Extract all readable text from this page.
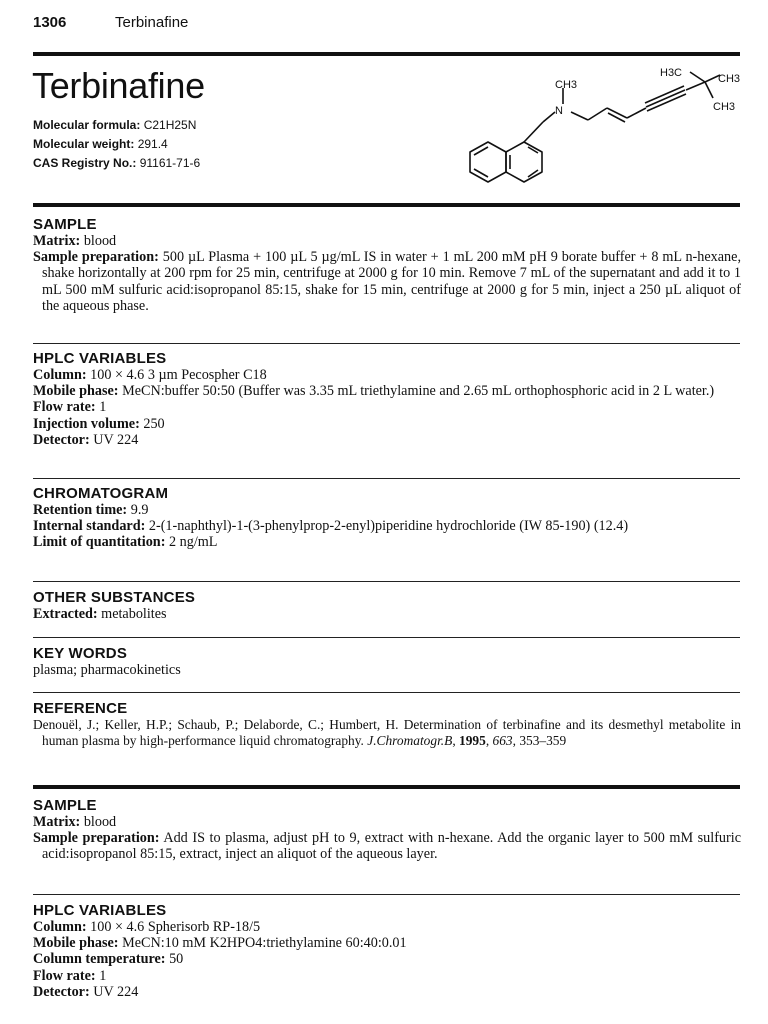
1306	Terbinafine
Terbinafine
Molecular formula: C21H25N
Molecular weight: 291.4
CAS Registry No.: 91161-71-6
N
CH3
H3C	CH3
CH3
SAMPLE

Matrix: blood

Sample preparation: 500 µL Plasma + 100 µL 5 µg/mL IS in water + 1 mL 200 mM pH 9 borate buffer + 8 mL n-hexane, shake horizontally at 200 rpm for 25 min, centrifuge at 2000 g for 10 min. Remove 7 mL of the supernatant and add it to 1 mL 500 mM sulfuric acid:isopropanol 85:15, shake for 15 min, centrifuge at 2000 g for 5 min, inject a 250 µL aliquot of the aqueous phase.

HPLC VARIABLES

Column: 100 × 4.6 3 µm Pecospher C18

Mobile phase: MeCN:buffer 50:50 (Buffer was 3.35 mL triethylamine and 2.65 mL orthophosphoric acid in 2 L water.)

Flow rate: 1

Injection volume: 250

Detector: UV 224

CHROMATOGRAM

Retention time: 9.9

Internal standard: 2-(1-naphthyl)-1-(3-phenylprop-2-enyl)piperidine hydrochloride (IW 85-190) (12.4)

Limit of quantitation: 2 ng/mL

OTHER SUBSTANCES

Extracted: metabolites

KEY WORDS

plasma; pharmacokinetics

REFERENCE

Denouël, J.; Keller, H.P.; Schaub, P.; Delaborde, C.; Humbert, H. Determination of terbinafine and its desmethyl metabolite in human plasma by high-performance liquid chromatography. J.Chromatogr.B, 1995, 663, 353–359

SAMPLE

Matrix: blood

Sample preparation: Add IS to plasma, adjust pH to 9, extract with n-hexane. Add the organic layer to 500 mM sulfuric acid:isopropanol 85:15, extract, inject an aliquot of the aqueous layer.

HPLC VARIABLES

Column: 100 × 4.6 Spherisorb RP-18/5

Mobile phase: MeCN:10 mM K2HPO4:triethylamine 60:40:0.01

Column temperature: 50

Flow rate: 1

Detector: UV 224
